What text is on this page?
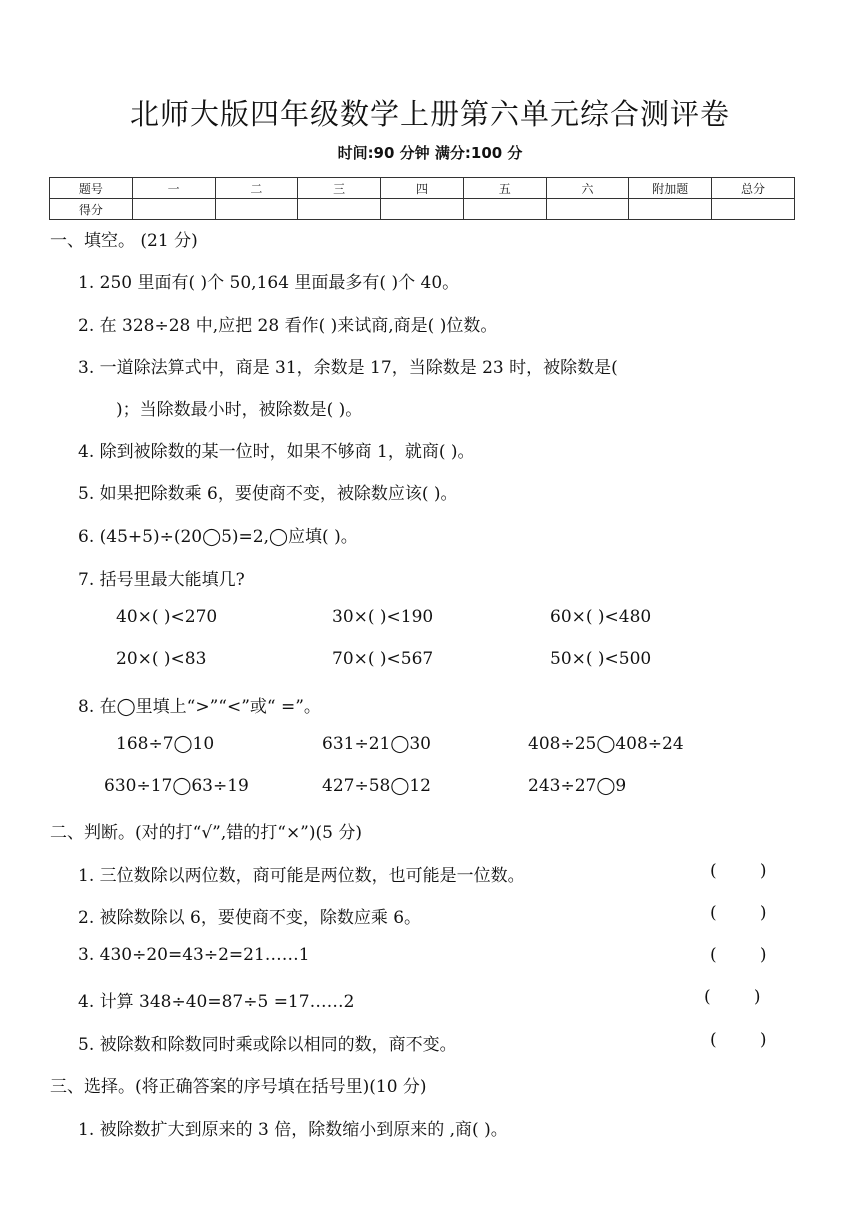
北师大版四年级数学上册第六单元综合测评卷
时间:90 分钟 满分:100 分
题号	一	二	三	四	五	六	附加题	总分
得分								
一、填空。 (21 分)
1. 250 里面有( )个 50,164 里面最多有( )个 40。
2. 在 328÷28 中,应把 28 看作( )来试商,商是( )位数。
3. 一道除法算式中，商是 31，余数是 17，当除数是 23 时，被除数是(
)；当除数最小时，被除数是( )。
4. 除到被除数的某一位时，如果不够商 1，就商( )。
5. 如果把除数乘 6，要使商不变，被除数应该( )。
6. (45+5)÷(20◯5)=2,◯应填( )。
7. 括号里最大能填几?
40×( )<270	30×( )<190	60×( )<480
20×( )<83	70×( )<567	50×( )<500
8. 在◯里填上“>”“<”或“ =”。
168÷7◯10	631÷21◯30	408÷25◯408÷24
630÷17◯63÷19	427÷58◯12	243÷27◯9
二、判断。(对的打“√”,错的打“×”)(5 分)
1. 三位数除以两位数，商可能是两位数，也可能是一位数。	(        )
2. 被除数除以 6，要使商不变，除数应乘 6。	(        )
3. 430÷20=43÷2=21……1	(        )
4. 计算 348÷40=87÷5 =17……2	(        )
5. 被除数和除数同时乘或除以相同的数，商不变。	(        )
三、选择。(将正确答案的序号填在括号里)(10 分)
1. 被除数扩大到原来的 3 倍，除数缩小到原来的 ,商( )。
